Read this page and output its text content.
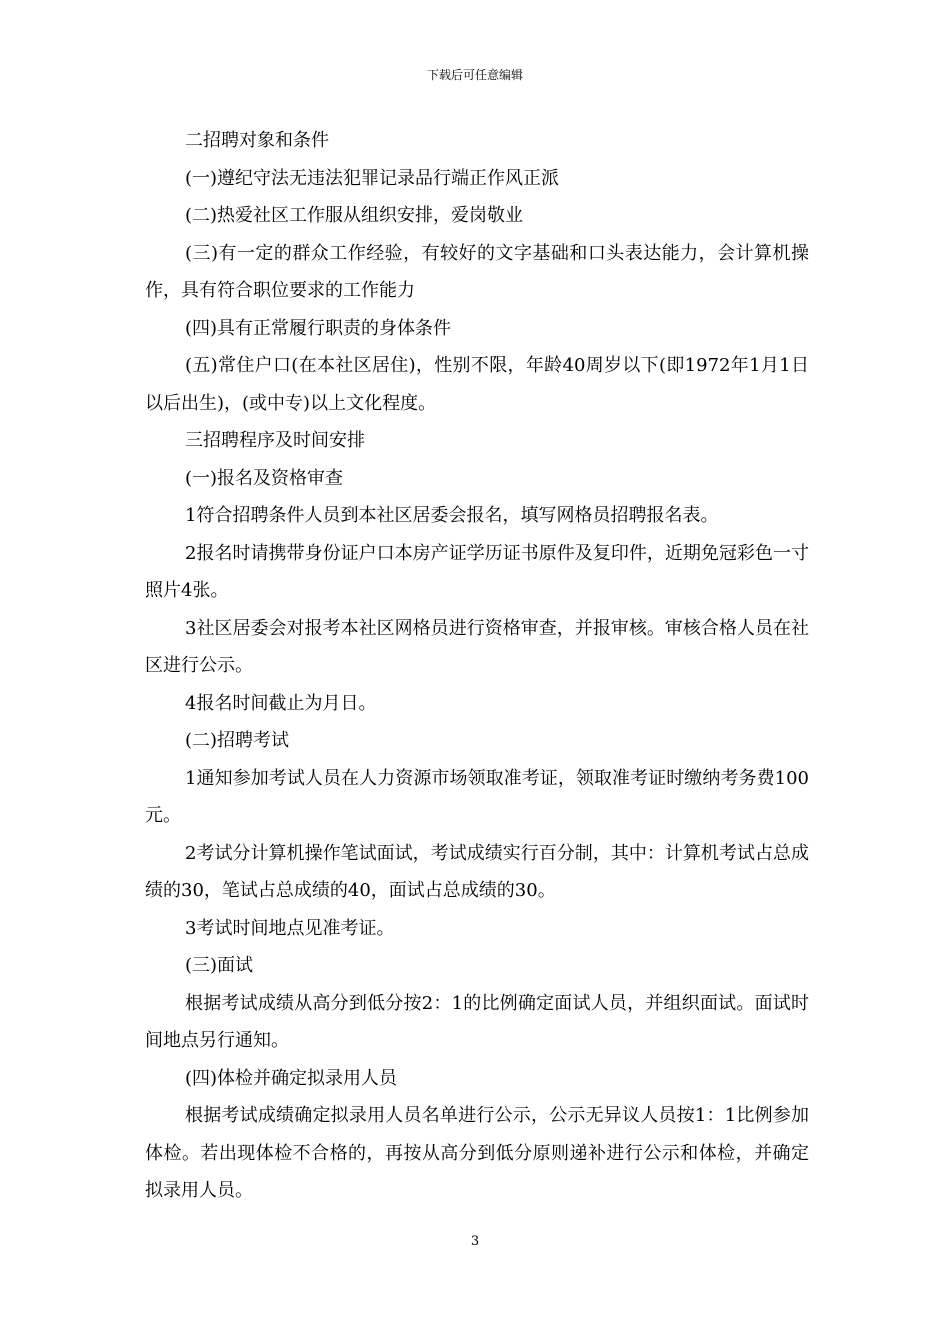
下载后可任意编辑

二招聘对象和条件

(一)遵纪守法无违法犯罪记录品行端正作风正派

(二)热爱社区工作服从组织安排，爱岗敬业

(三)有一定的群众工作经验，有较好的文字基础和口头表达能力，会计算机操作，具有符合职位要求的工作能力

(四)具有正常履行职责的身体条件

(五)常住户口(在本社区居住)，性别不限，年龄40周岁以下(即1972年1月1日以后出生)，(或中专)以上文化程度。

三招聘程序及时间安排

(一)报名及资格审查

1符合招聘条件人员到本社区居委会报名，填写网格员招聘报名表。

2报名时请携带身份证户口本房产证学历证书原件及复印件，近期免冠彩色一寸照片4张。

3社区居委会对报考本社区网格员进行资格审查，并报审核。审核合格人员在社区进行公示。

4报名时间截止为月日。

(二)招聘考试

1通知参加考试人员在人力资源市场领取准考证，领取准考证时缴纳考务费100元。

2考试分计算机操作笔试面试，考试成绩实行百分制，其中：计算机考试占总成绩的30，笔试占总成绩的40，面试占总成绩的30。

3考试时间地点见准考证。

(三)面试

根据考试成绩从高分到低分按2：1的比例确定面试人员，并组织面试。面试时间地点另行通知。

(四)体检并确定拟录用人员

根据考试成绩确定拟录用人员名单进行公示，公示无异议人员按1：1比例参加体检。若出现体检不合格的，再按从高分到低分原则递补进行公示和体检，并确定拟录用人员。

3
